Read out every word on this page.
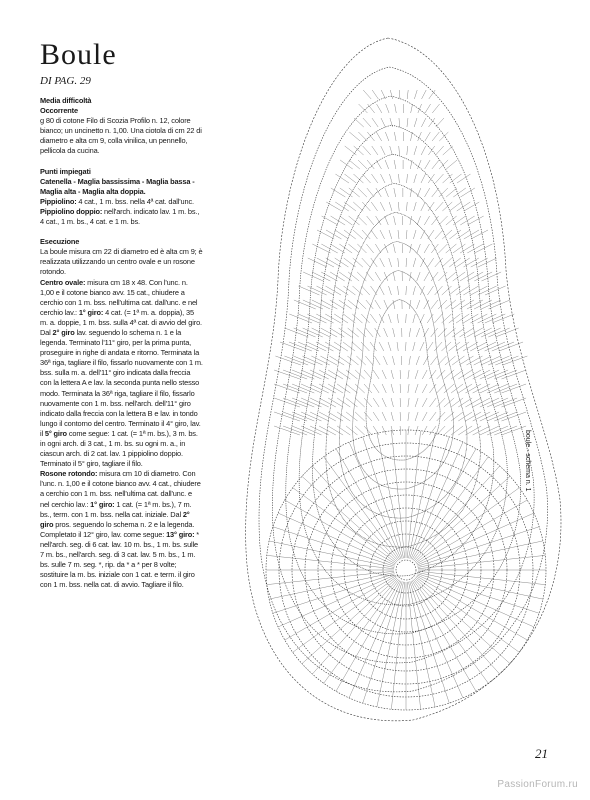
Boule
DI PAG. 29

Media difficoltà

Occorrente

g 80 di cotone Filo di Scozia Profilo n. 12, colore bianco; un uncinetto n. 1,00. Una ciotola di cm 22 di diametro e alta cm 9, colla vinilica, un pennello, pellicola da cucina.

Punti impiegati

Catenella - Maglia bassissima - Maglia bassa - Maglia alta - Maglia alta doppia.

Pippiolino: 4 cat., 1 m. bss. nella 4ª cat. dall'unc.

Pippiolino doppio: nell'arch. indicato lav. 1 m. bs., 4 cat., 1 m. bs., 4 cat. e 1 m. bs.

Esecuzione

La boule misura cm 22 di diametro ed è alta cm 9; è realizzata utilizzando un centro ovale e un rosone rotondo.

Centro ovale: misura cm 18 x 48. Con l'unc. n. 1,00 e il cotone bianco avv. 15 cat., chiudere a cerchio con 1 m. bss. nell'ultima cat. dall'unc. e nel cerchio lav.: 1° giro: 4 cat. (= 1ª m. a. doppia), 35 m. a. doppie, 1 m. bss. sulla 4ª cat. di avvio del giro. Dal 2° giro lav. seguendo lo schema n. 1 e la legenda. Terminato l'11° giro, per la prima punta, proseguire in righe di andata e ritorno. Terminata la 36ª riga, tagliare il filo, fissarlo nuovamente con 1 m. bss. sulla m. a. dell'11° giro indicata dalla freccia con la lettera A e lav. la seconda punta nello stesso modo. Terminata la 36ª riga, tagliare il filo, fissarlo nuovamente con 1 m. bss. nell'arch. dell'11° giro indicato dalla freccia con la lettera B e lav. in tondo lungo il contorno del centro. Terminato il 4° giro, lav. il 5° giro come segue: 1 cat. (= 1ª m. bs.), 3 m. bs. in ogni arch. di 3 cat., 1 m. bs. su ogni m. a., in ciascun arch. di 2 cat. lav. 1 pippiolino doppio. Terminato il 5° giro, tagliare il filo.

Rosone rotondo: misura cm 10 di diametro. Con l'unc. n. 1,00 e il cotone bianco avv. 4 cat., chiudere a cerchio con 1 m. bss. nell'ultima cat. dall'unc. e nel cerchio lav.: 1° giro: 1 cat. (= 1ª m. bs.), 7 m. bs., term. con 1 m. bss. nella cat. iniziale. Dal 2° giro pros. seguendo lo schema n. 2 e la legenda. Completato il 12° giro, lav. come segue: 13° giro: * nell'arch. seg. di 6 cat. lav. 10 m. bs., 1 m. bs. sulle 7 m. bs., nell'arch. seg. di 3 cat. lav. 5 m. bs., 1 m. bs. sulle 7 m. seg. *, rip. da * a * per 8 volte; sostituire la m. bs. iniziale con 1 cat. e term. il giro con 1 m. bss. nella cat. di avvio. Tagliare il filo.

boule - schema n. 1
21
PassionForum.ru
